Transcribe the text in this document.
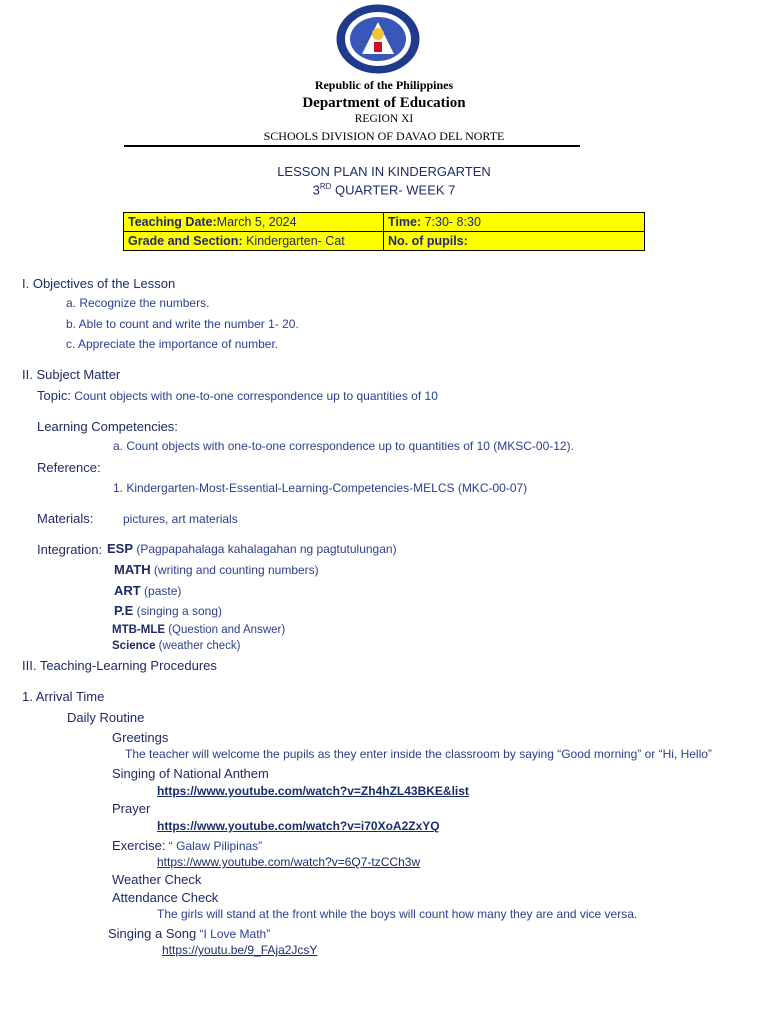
Republic of the Philippines
Department of Education
REGION XI
SCHOOLS DIVISION OF DAVAO DEL NORTE
LESSON PLAN IN KINDERGARTEN
3RD QUARTER- WEEK 7
Teaching Date:March 5, 2024	Time: 7:30- 8:30
Grade and Section: Kindergarten- Cat	No. of pupils:
I. Objectives of the Lesson
a. Recognize the numbers.
b. Able to count and write the number 1- 20.
c. Appreciate the importance of number.
II. Subject Matter
Topic: Count objects with one-to-one correspondence up to quantities of 10
Learning Competencies:
a. Count objects with one-to-one correspondence up to quantities of 10 (MKSC-00-12).
Reference:
1. Kindergarten-Most-Essential-Learning-Competencies-MELCS (MKC-00-07)
Materials: pictures, art materials
Integration: ESP (Pagpapahalaga kahalagahan ng pagtutulungan)
MATH (writing and counting numbers)
ART (paste)
P.E (singing a song)
MTB-MLE (Question and Answer)
Science (weather check)
III. Teaching-Learning Procedures
1. Arrival Time
Daily Routine
Greetings
The teacher will welcome the pupils as they enter inside the classroom by saying “Good morning” or “Hi, Hello”
Singing of National Anthem
https://www.youtube.com/watch?v=Zh4hZL43BKE&list
Prayer
https://www.youtube.com/watch?v=i70XoA2ZxYQ
Exercise: “ Galaw Pilipinas”
https://www.youtube.com/watch?v=6Q7-tzCCh3w
Weather Check
Attendance Check
The girls will stand at the front while the boys will count how many they are and vice versa.
Singing a Song “I Love Math”
https://youtu.be/9_FAja2JcsY
